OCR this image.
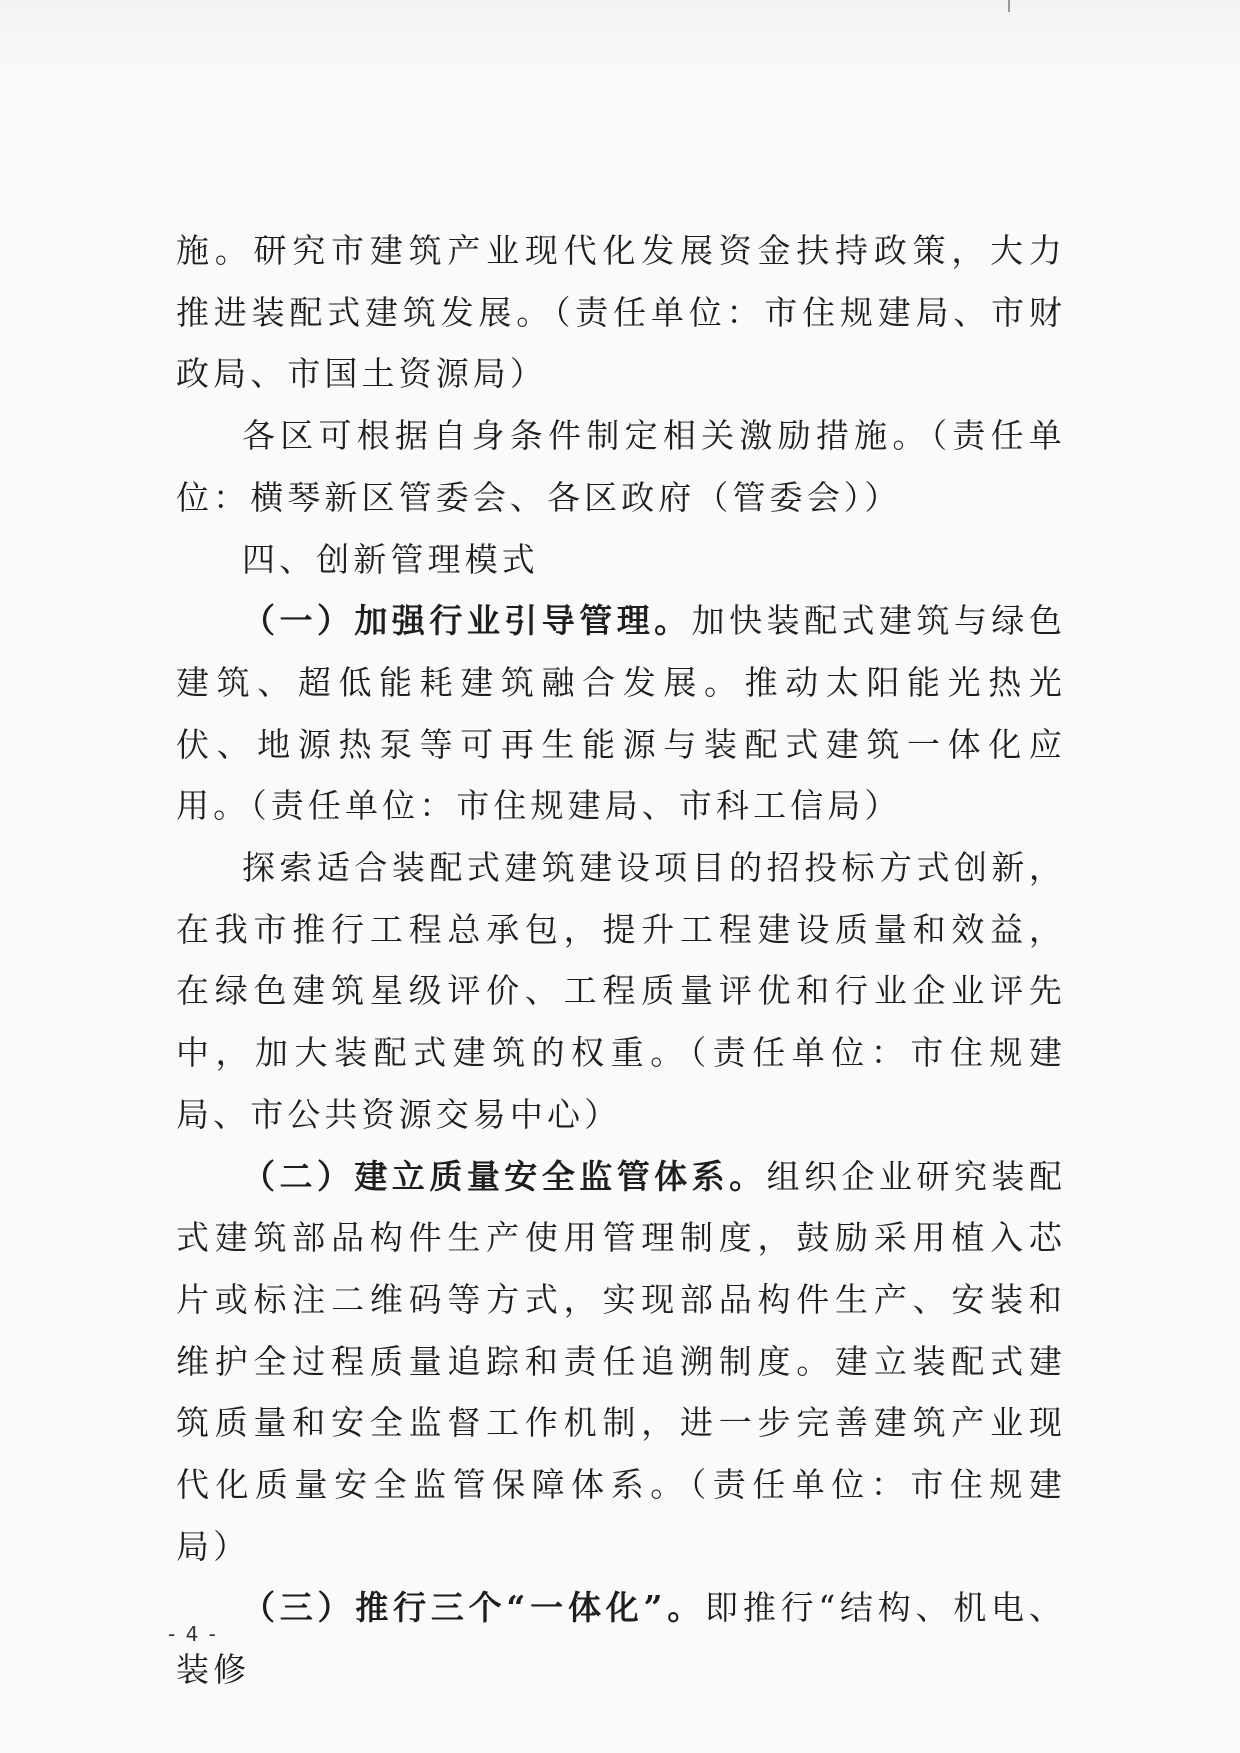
施。研究市建筑产业现代化发展资金扶持政策，大力推进装配式建筑发展。（责任单位：市住规建局、市财政局、市国土资源局）

各区可根据自身条件制定相关激励措施。（责任单位：横琴新区管委会、各区政府（管委会））

四、创新管理模式

（一）加强行业引导管理。加快装配式建筑与绿色建筑、超低能耗建筑融合发展。推动太阳能光热光伏、地源热泵等可再生能源与装配式建筑一体化应用。（责任单位：市住规建局、市科工信局）

探索适合装配式建筑建设项目的招投标方式创新，在我市推行工程总承包，提升工程建设质量和效益，在绿色建筑星级评价、工程质量评优和行业企业评先中，加大装配式建筑的权重。（责任单位：市住规建局、市公共资源交易中心）

（二）建立质量安全监管体系。组织企业研究装配式建筑部品构件生产使用管理制度，鼓励采用植入芯片或标注二维码等方式，实现部品构件生产、安装和维护全过程质量追踪和责任追溯制度。建立装配式建筑质量和安全监督工作机制，进一步完善建筑产业现代化质量安全监管保障体系。（责任单位：市住规建局）

（三）推行三个“一体化”。即推行“结构、机电、装修

- 4 -
